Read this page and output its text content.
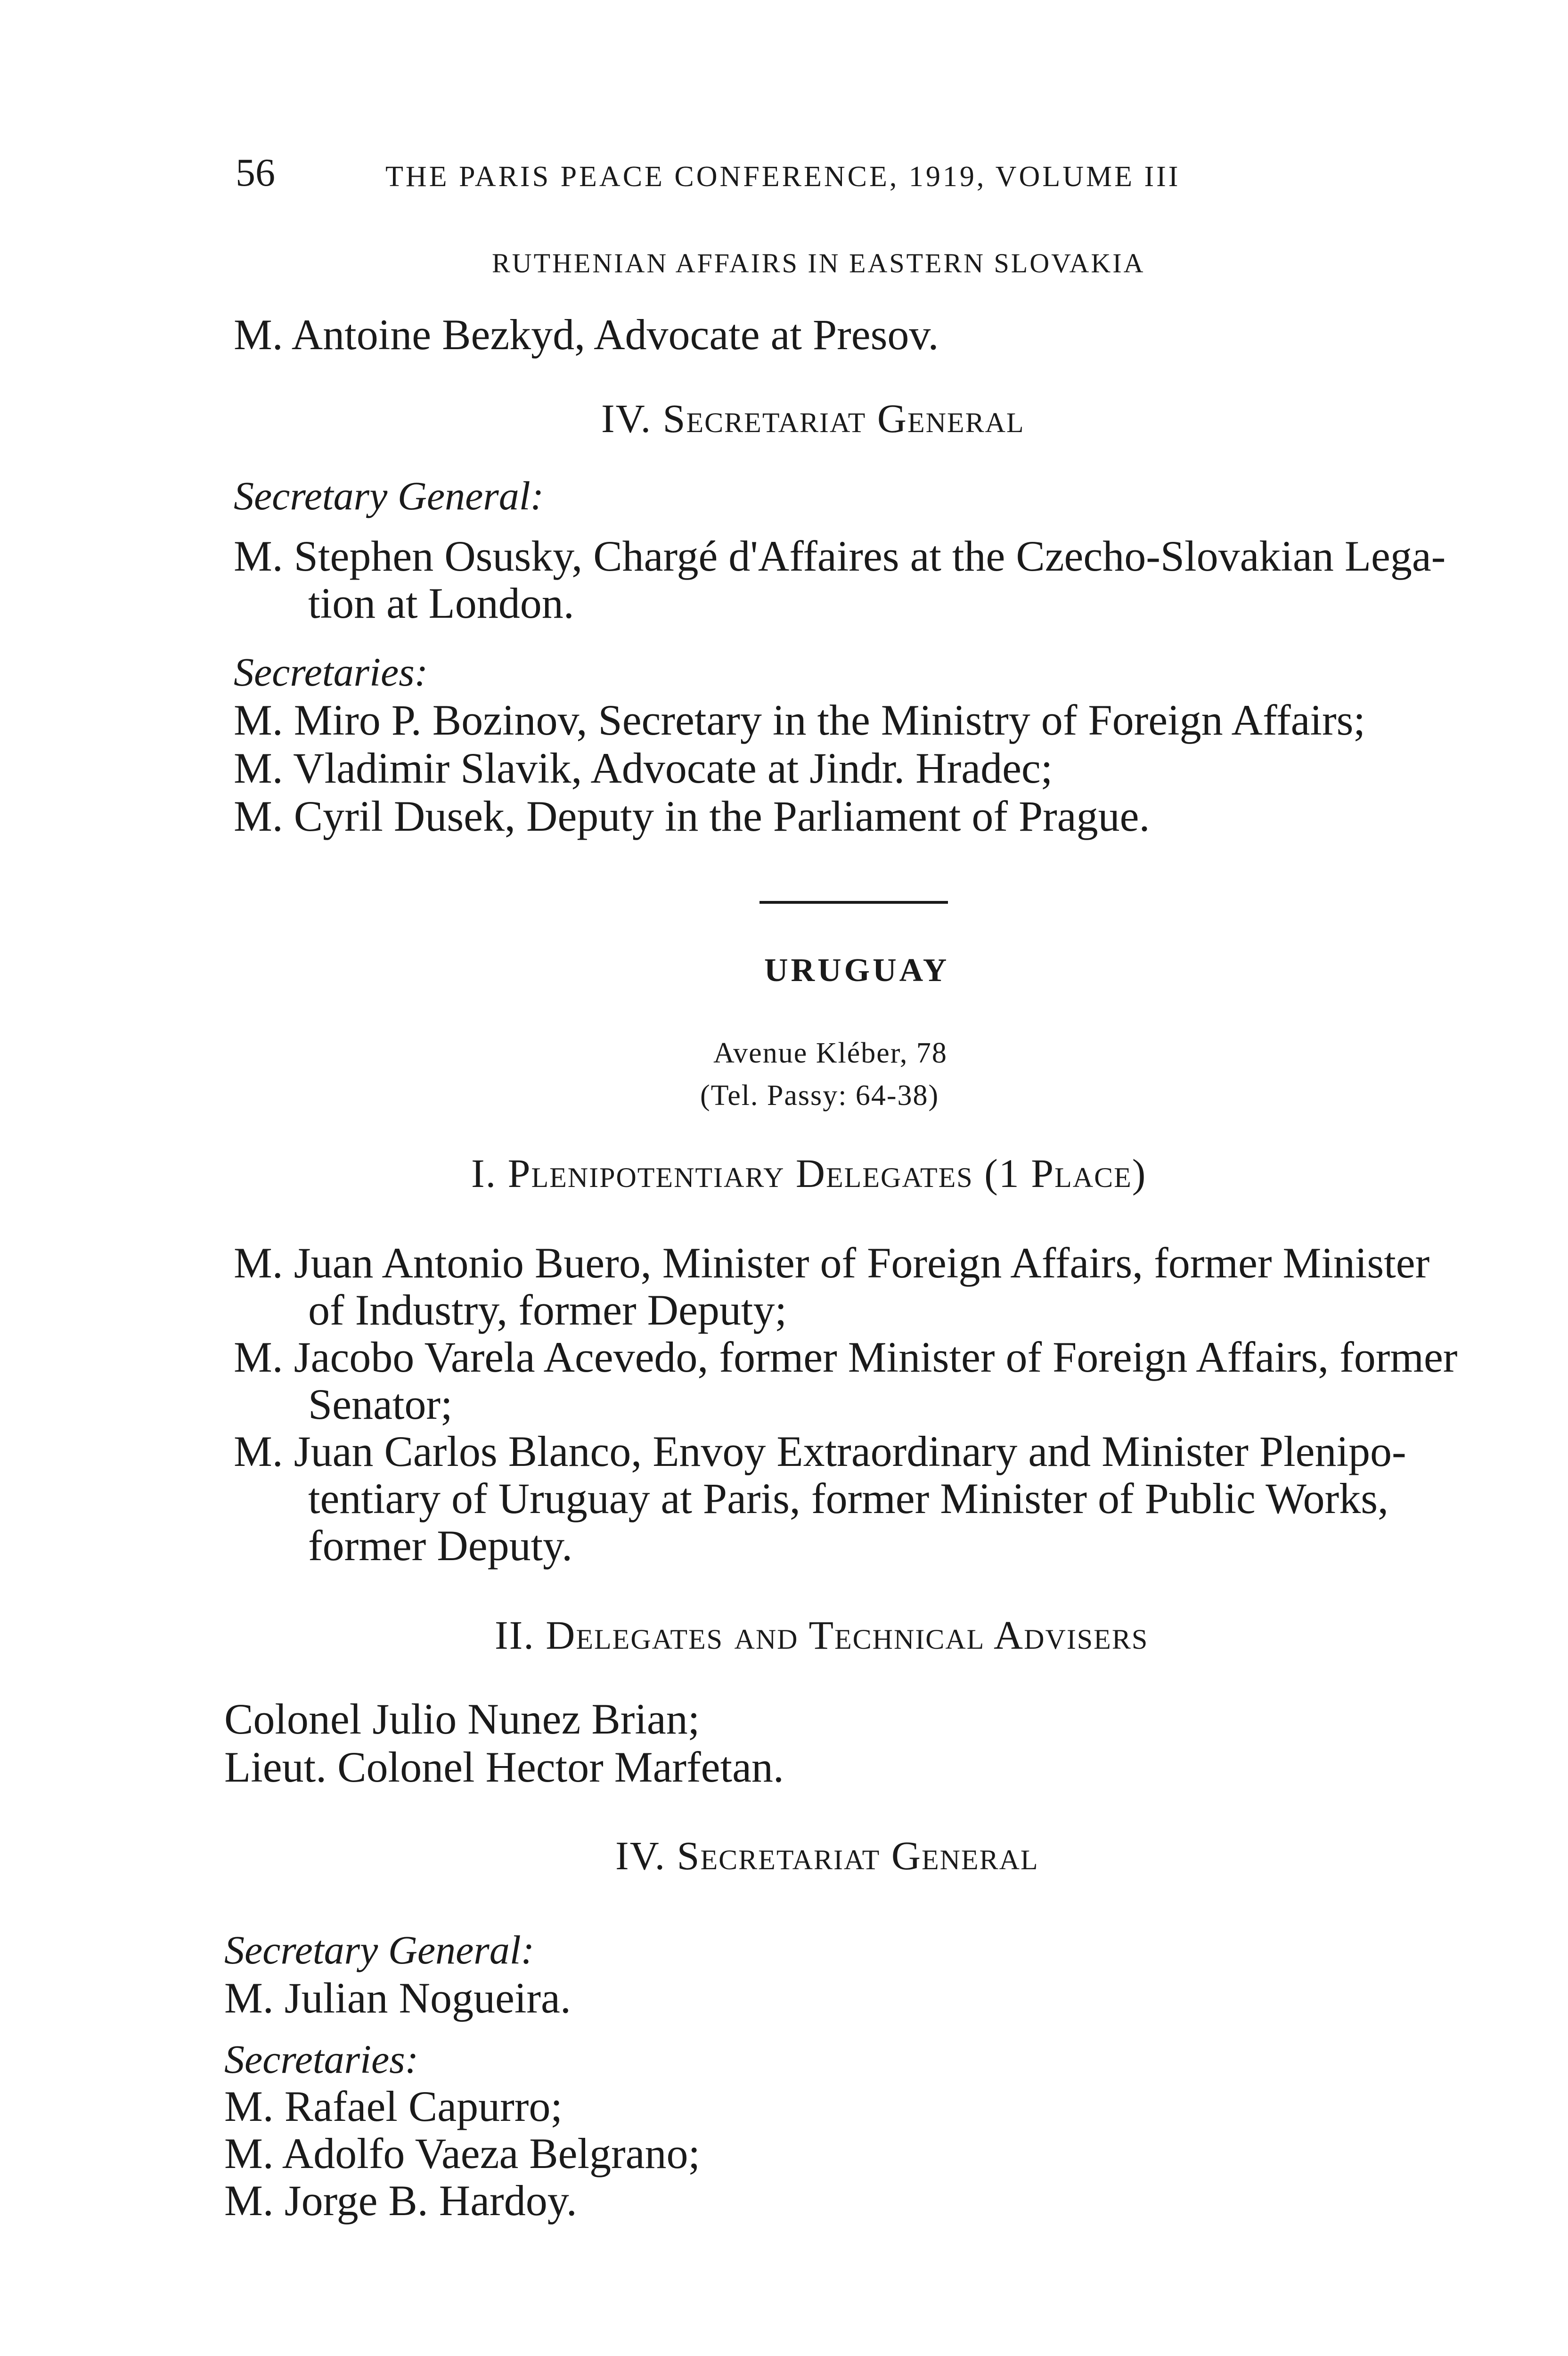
56	THE PARIS PEACE CONFERENCE, 1919, VOLUME III
RUTHENIAN AFFAIRS IN EASTERN SLOVAKIA
M. Antoine Bezkyd, Advocate at Presov.
IV. Secretariat General
Secretary General:
M. Stephen Osusky, Chargé d'Affaires at the Czecho-Slovakian Lega-
tion at London.
Secretaries:
M. Miro P. Bozinov, Secretary in the Ministry of Foreign Affairs;
M. Vladimir Slavik, Advocate at Jindr. Hradec;
M. Cyril Dusek, Deputy in the Parliament of Prague.
URUGUAY
Avenue Kléber, 78
(Tel. Passy: 64-38)
I. Plenipotentiary Delegates (1 Place)
M. Juan Antonio Buero, Minister of Foreign Affairs, former Minister
of Industry, former Deputy;
M. Jacobo Varela Acevedo, former Minister of Foreign Affairs, former
Senator;
M. Juan Carlos Blanco, Envoy Extraordinary and Minister Plenipo-
tentiary of Uruguay at Paris, former Minister of Public Works,
former Deputy.
II. Delegates and Technical Advisers
Colonel Julio Nunez Brian;
Lieut. Colonel Hector Marfetan.
IV. Secretariat General
Secretary General:
M. Julian Nogueira.
Secretaries:
M. Rafael Capurro;
M. Adolfo Vaeza Belgrano;
M. Jorge B. Hardoy.
